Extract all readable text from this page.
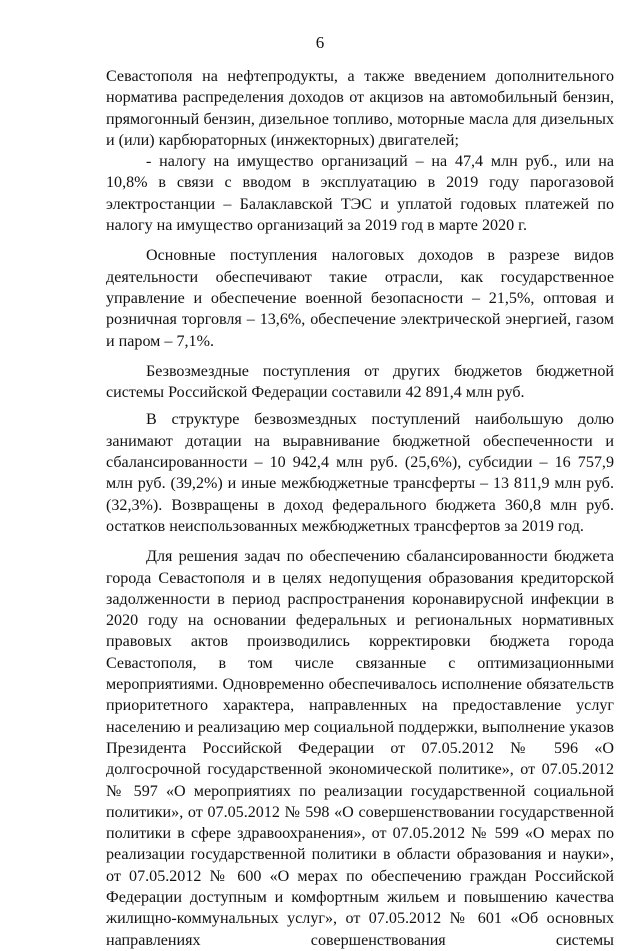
6

Севастополя на нефтепродукты, а также введением дополнительного норматива распределения доходов от акцизов на автомобильный бензин, прямогонный бензин, дизельное топливо, моторные масла для дизельных и (или) карбюраторных (инжекторных) двигателей;

- налогу на имущество организаций – на 47,4 млн руб., или на 10,8% в связи с вводом в эксплуатацию в 2019 году парогазовой электростанции – Балаклавской ТЭС и уплатой годовых платежей по налогу на имущество организаций за 2019 год в марте 2020 г.

Основные поступления налоговых доходов в разрезе видов деятельности обеспечивают такие отрасли, как государственное управление и обеспечение военной безопасности – 21,5%, оптовая и розничная торговля – 13,6%, обеспечение электрической энергией, газом и паром – 7,1%.

Безвозмездные поступления от других бюджетов бюджетной системы Российской Федерации составили 42 891,4 млн руб.

В структуре безвозмездных поступлений наибольшую долю занимают дотации на выравнивание бюджетной обеспеченности и сбалансированности – 10 942,4 млн руб. (25,6%), субсидии – 16 757,9 млн руб. (39,2%) и иные межбюджетные трансферты – 13 811,9 млн руб. (32,3%). Возвращены в доход федерального бюджета 360,8 млн руб. остатков неиспользованных межбюджетных трансфертов за 2019 год.

Для решения задач по обеспечению сбалансированности бюджета города Севастополя и в целях недопущения образования кредиторской задолженности в период распространения коронавирусной инфекции в 2020 году на основании федеральных и региональных нормативных правовых актов производились корректировки бюджета города Севастополя, в том числе связанные с оптимизационными мероприятиями. Одновременно обеспечивалось исполнение обязательств приоритетного характера, направленных на предоставление услуг населению и реализацию мер социальной поддержки, выполнение указов Президента Российской Федерации от 07.05.2012 № 596 «О долгосрочной государственной экономической политике», от 07.05.2012 № 597 «О мероприятиях по реализации государственной социальной политики», от 07.05.2012 № 598 «О совершенствовании государственной политики в сфере здравоохранения», от 07.05.2012 № 599 «О мерах по реализации государственной политики в области образования и науки», от 07.05.2012 № 600 «О мерах по обеспечению граждан Российской Федерации доступным и комфортным жильем и повышению качества жилищно-коммунальных услуг», от 07.05.2012 № 601 «Об основных направлениях совершенствования системы
